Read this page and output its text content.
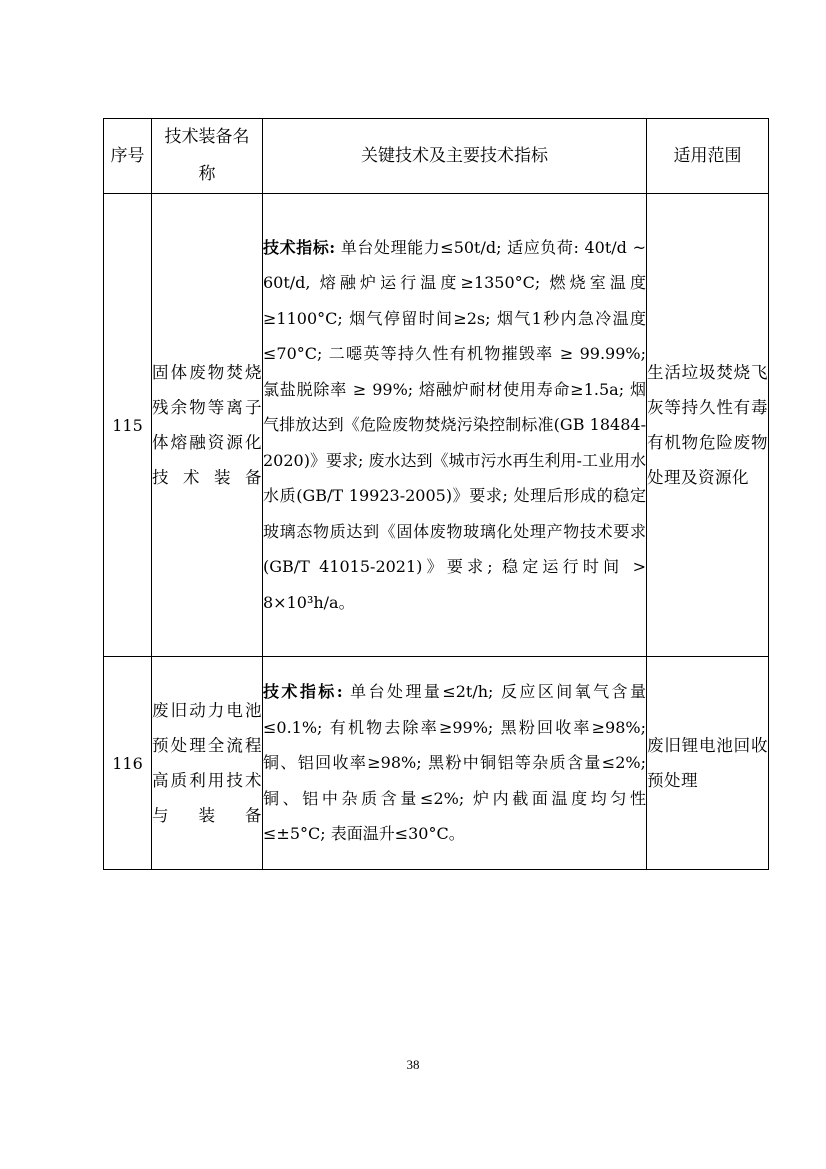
序号	技术装备名称	关键技术及主要技术指标	适用范围
115	固体废物焚烧残余物等离子体熔融资源化技术装备	技术指标: 单台处理能力≤50t/d; 适应负荷: 40t/d ~ 60t/d, 熔融炉运行温度≥1350°C; 燃烧室温度≥1100°C; 烟气停留时间≥2s; 烟气1秒内急冷温度≤70°C; 二噁英等持久性有机物摧毁率 ≥ 99.99%; 氯盐脱除率 ≥ 99%; 熔融炉耐材使用寿命≥1.5a; 烟气排放达到《危险废物焚烧污染控制标准(GB 18484-2020)》要求; 废水达到《城市污水再生利用-工业用水水质(GB/T 19923-2005)》要求; 处理后形成的稳定玻璃态物质达到《固体废物玻璃化处理产物技术要求(GB/T 41015-2021)》要求; 稳定运行时间 > 8×10³h/a。	生活垃圾焚烧飞灰等持久性有毒有机物危险废物处理及资源化
116	废旧动力电池预处理全流程高质利用技术与装备	技术指标: 单台处理量≤2t/h; 反应区间氧气含量≤0.1%; 有机物去除率≥99%; 黑粉回收率≥98%; 铜、铝回收率≥98%; 黑粉中铜铝等杂质含量≤2%; 铜、铝中杂质含量≤2%; 炉内截面温度均匀性≤±5°C; 表面温升≤30°C。	废旧锂电池回收预处理
38
